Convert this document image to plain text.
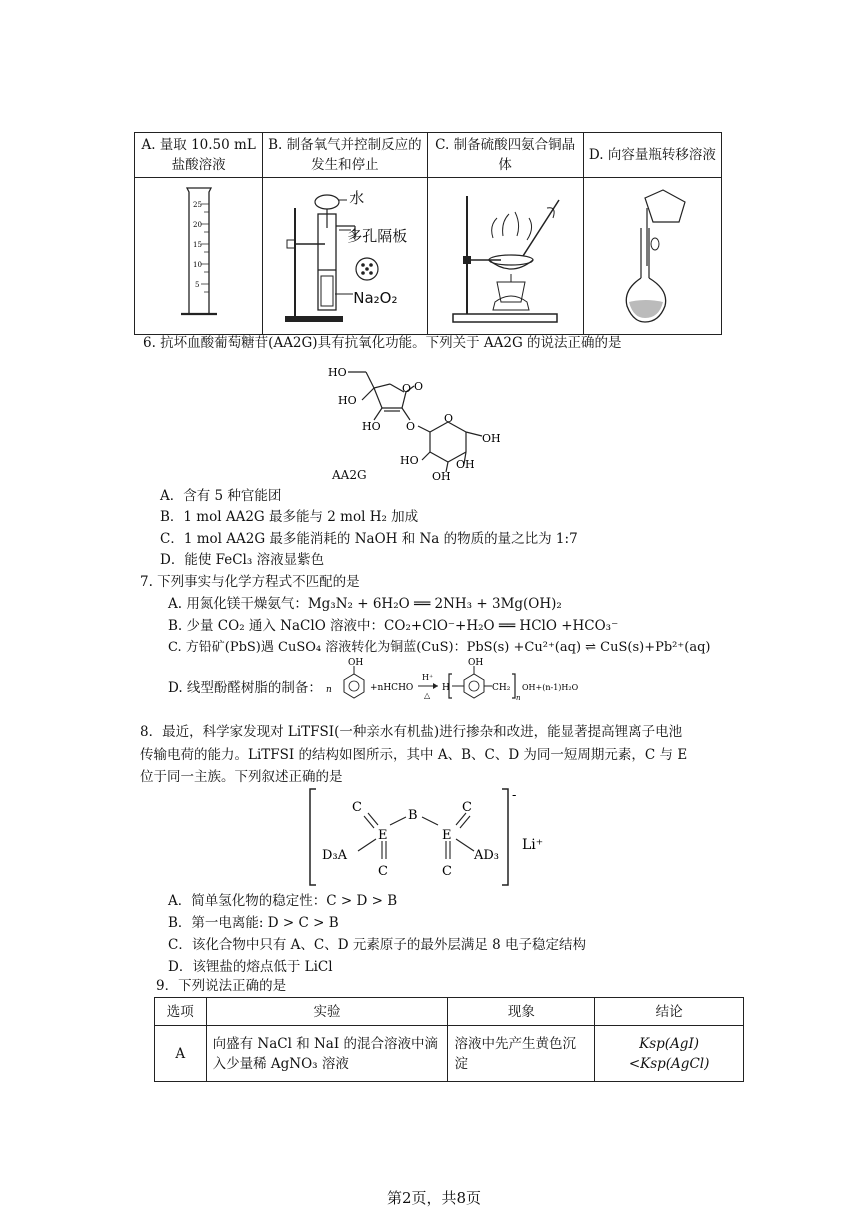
A. 量取 10.50 mL 盐酸溶液	B. 制备氧气并控制反应的发生和停止	C. 制备硫酸四氨合铜晶体	D. 向容量瓶转移溶液

25
20
15
10
5	水
多孔隔板
Na₂O₂

6. 抗坏血酸葡萄糖苷(AA2G)具有抗氧化功能。下列关于 AA2G 的说法正确的是
HO
HO
O O
HO O
O
OH
HO	OH
OH
AA2G
A．含有 5 种官能团
B．1 mol AA2G 最多能与 2 mol H₂ 加成
C．1 mol AA2G 最多能消耗的 NaOH 和 Na 的物质的量之比为 1:7
D．能使 FeCl₃ 溶液显紫色
7. 下列事实与化学方程式不匹配的是
A. 用氮化镁干燥氨气：Mg₃N₂ + 6H₂O ══ 2NH₃ + 3Mg(OH)₂
B. 少量 CO₂ 通入 NaClO 溶液中：CO₂+ClO⁻+H₂O ══ HClO +HCO₃⁻
C. 方铅矿(PbS)遇 CuSO₄ 溶液转化为铜蓝(CuS)：PbS(s) +Cu²⁺(aq) ⇌ CuS(s)+Pb²⁺(aq)
D. 线型酚醛树脂的制备： n
OH
+nHCHO
H⁺
△
H
OH
CH₂
n
OH+(n-1)H₂O
8．最近，科学家发现对 LiTFSI(一种亲水有机盐)进行掺杂和改进，能显著提高锂离子电池
传输电荷的能力。LiTFSI 的结构如图所示，其中 A、B、C、D 为同一短周期元素，C 与 E
位于同一主族。下列叙述正确的是
C
B
C
E	E
D₃A	AD₃
C	C
-
Li⁺
A．简单氢化物的稳定性：C > D > B
B．第一电离能: D > C > B
C．该化合物中只有 A、C、D 元素原子的最外层满足 8 电子稳定结构
D．该锂盐的熔点低于 LiCl
9．下列说法正确的是
选项	实验	现象	结论
A	向盛有 NaCl 和 NaI 的混合溶液中滴入少量稀 AgNO₃ 溶液	溶液中先产生黄色沉淀	Ksp(AgI)<Ksp(AgCl)
第2页，共8页
